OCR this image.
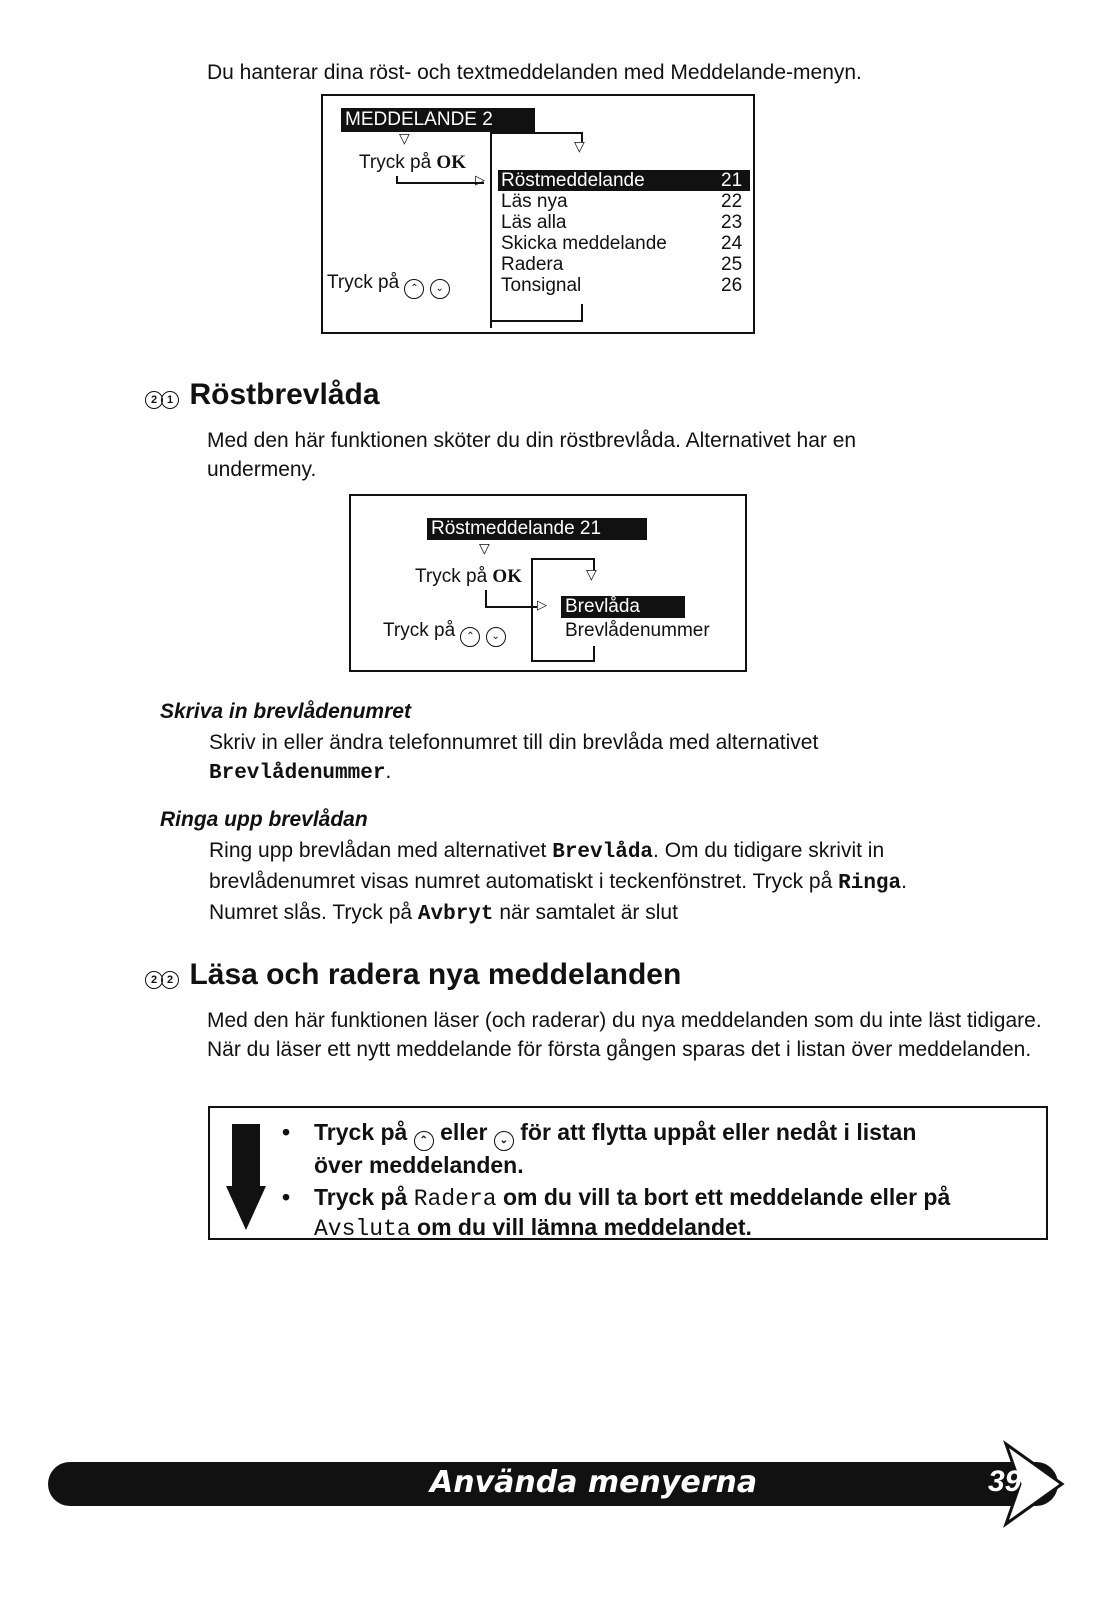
Du hanterar dina röst- och textmeddelanden med Meddelande-menyn.
MEDDELANDE 2
▽
Tryck på OK
▷
▽
Tryck på ⌃ ⌄
Röstmeddelande	21
Läs nya	22
Läs alla	23
Skicka meddelande	24
Radera	25
Tonsignal	26
2 1 Röstbrevlåda
Med den här funktionen sköter du din röstbrevlåda. Alternativet har en undermeny.
Röstmeddelande 21
▽
Tryck på OK
▷
▽
Brevlåda
Brevlådenummer
Tryck på ⌃ ⌄
Skriva in brevlådenumret
Skriv in eller ändra telefonnumret till din brevlåda med alternativet
Brevlådenummer.
Ringa upp brevlådan
Ring upp brevlådan med alternativet Brevlåda. Om du tidigare skrivit in
brevlådenumret visas numret automatiskt i teckenfönstret. Tryck på Ringa.
Numret slås. Tryck på Avbryt när samtalet är slut
2 2 Läsa och radera nya meddelanden
Med den här funktionen läser (och raderar) du nya meddelanden som du inte läst tidigare. När du läser ett nytt meddelande för första gången sparas det i listan över meddelanden.
• Tryck på ⌃ eller ⌄ för att flytta uppåt eller nedåt i listan
över meddelanden.
• Tryck på Radera om du vill ta bort ett meddelande eller på
Avsluta om du vill lämna meddelandet.
Använda menyerna	39
